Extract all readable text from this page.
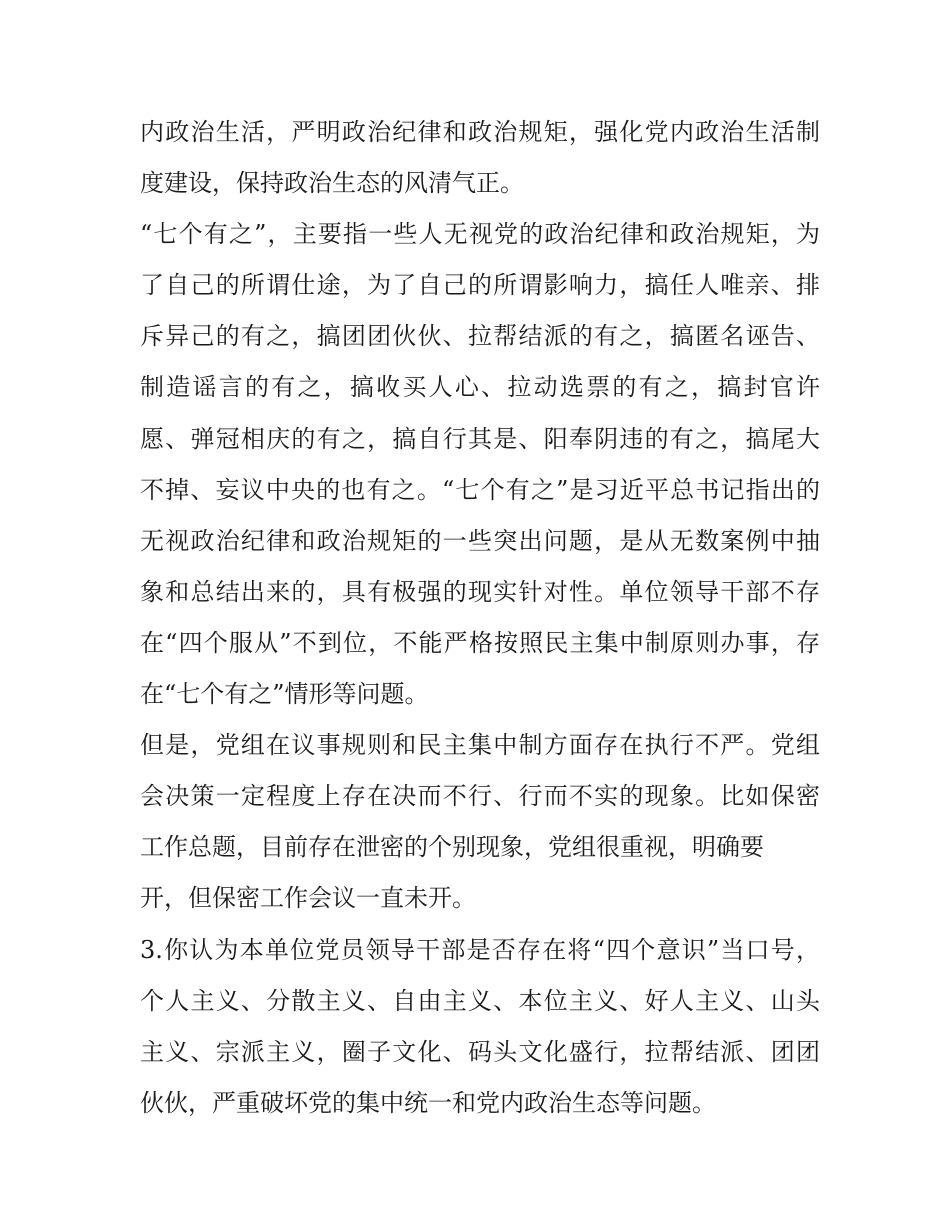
内政治生活，严明政治纪律和政治规矩，强化党内政治生活制
度建设，保持政治生态的风清气正。
“七个有之”，主要指一些人无视党的政治纪律和政治规矩，为
了自己的所谓仕途，为了自己的所谓影响力，搞任人唯亲、排
斥异己的有之，搞团团伙伙、拉帮结派的有之，搞匿名诬告、
制造谣言的有之，搞收买人心、拉动选票的有之，搞封官许
愿、弹冠相庆的有之，搞自行其是、阳奉阴违的有之，搞尾大
不掉、妄议中央的也有之。“七个有之”是习近平总书记指出的
无视政治纪律和政治规矩的一些突出问题，是从无数案例中抽
象和总结出来的，具有极强的现实针对性。单位领导干部不存
在“四个服从”不到位，不能严格按照民主集中制原则办事，存
在“七个有之”情形等问题。
但是，党组在议事规则和民主集中制方面存在执行不严。党组
会决策一定程度上存在决而不行、行而不实的现象。比如保密
工作总题，目前存在泄密的个别现象，党组很重视，明确要
开，但保密工作会议一直未开。
3.你认为本单位党员领导干部是否存在将“四个意识”当口号，
个人主义、分散主义、自由主义、本位主义、好人主义、山头
主义、宗派主义，圈子文化、码头文化盛行，拉帮结派、团团
伙伙，严重破坏党的集中统一和党内政治生态等问题。
